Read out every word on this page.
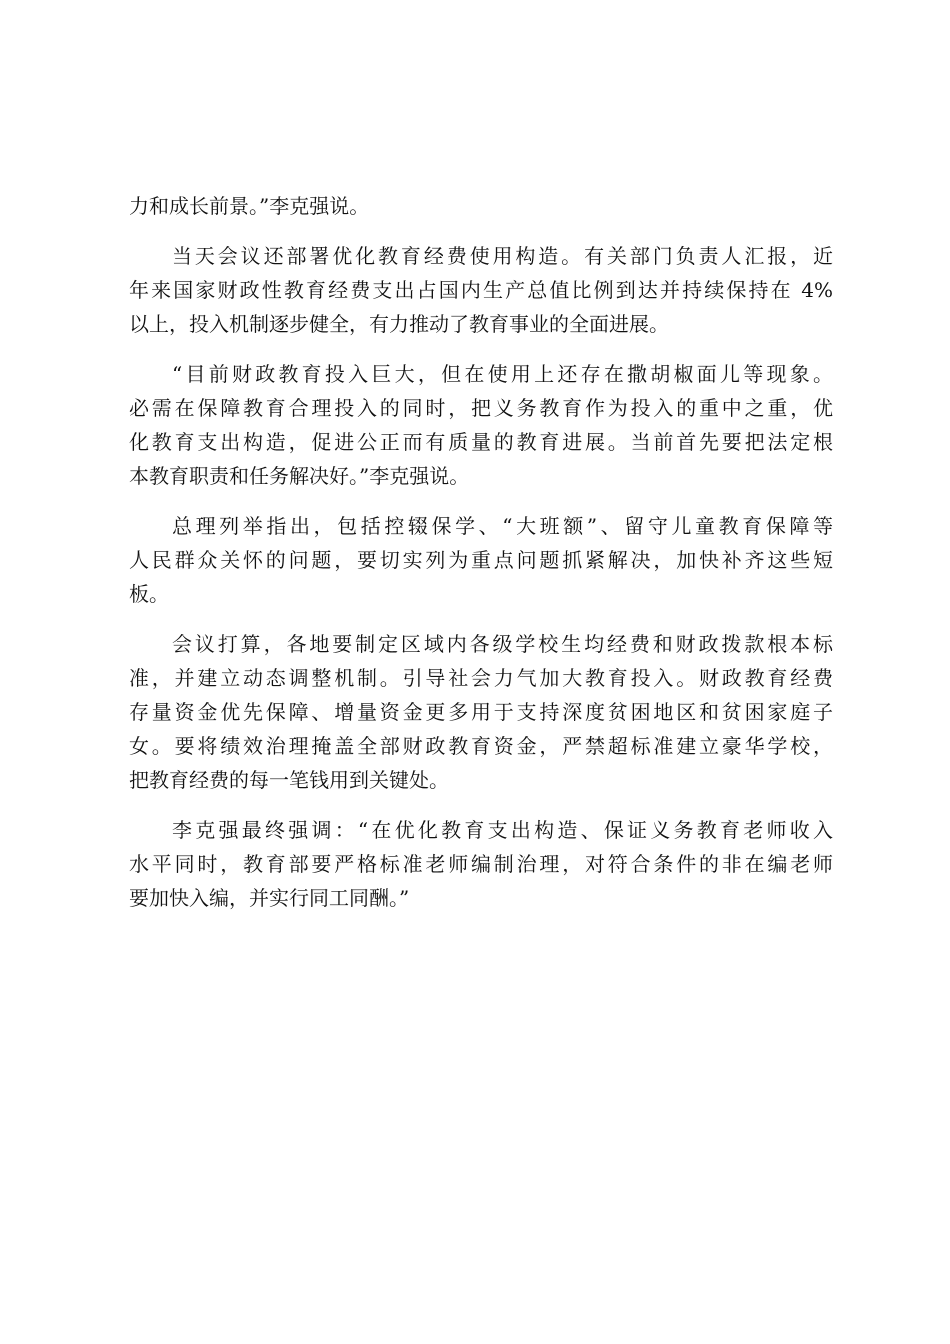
力和成长前景。”李克强说。
当天会议还部署优化教育经费使用构造。有关部门负责人汇报，近
年来国家财政性教育经费支出占国内生产总值比例到达并持续保持在 4%
以上，投入机制逐步健全，有力推动了教育事业的全面进展。
“目前财政教育投入巨大，但在使用上还存在撒胡椒面儿等现象。
必需在保障教育合理投入的同时，把义务教育作为投入的重中之重，优
化教育支出构造，促进公正而有质量的教育进展。当前首先要把法定根
本教育职责和任务解决好。”李克强说。
总理列举指出，包括控辍保学、“大班额”、留守儿童教育保障等
人民群众关怀的问题，要切实列为重点问题抓紧解决，加快补齐这些短
板。
会议打算，各地要制定区域内各级学校生均经费和财政拨款根本标
准，并建立动态调整机制。引导社会力气加大教育投入。财政教育经费
存量资金优先保障、增量资金更多用于支持深度贫困地区和贫困家庭子
女。要将绩效治理掩盖全部财政教育资金，严禁超标准建立豪华学校，
把教育经费的每一笔钱用到关键处。
李克强最终强调：“在优化教育支出构造、保证义务教育老师收入
水平同时，教育部要严格标准老师编制治理，对符合条件的非在编老师
要加快入编，并实行同工同酬。”
